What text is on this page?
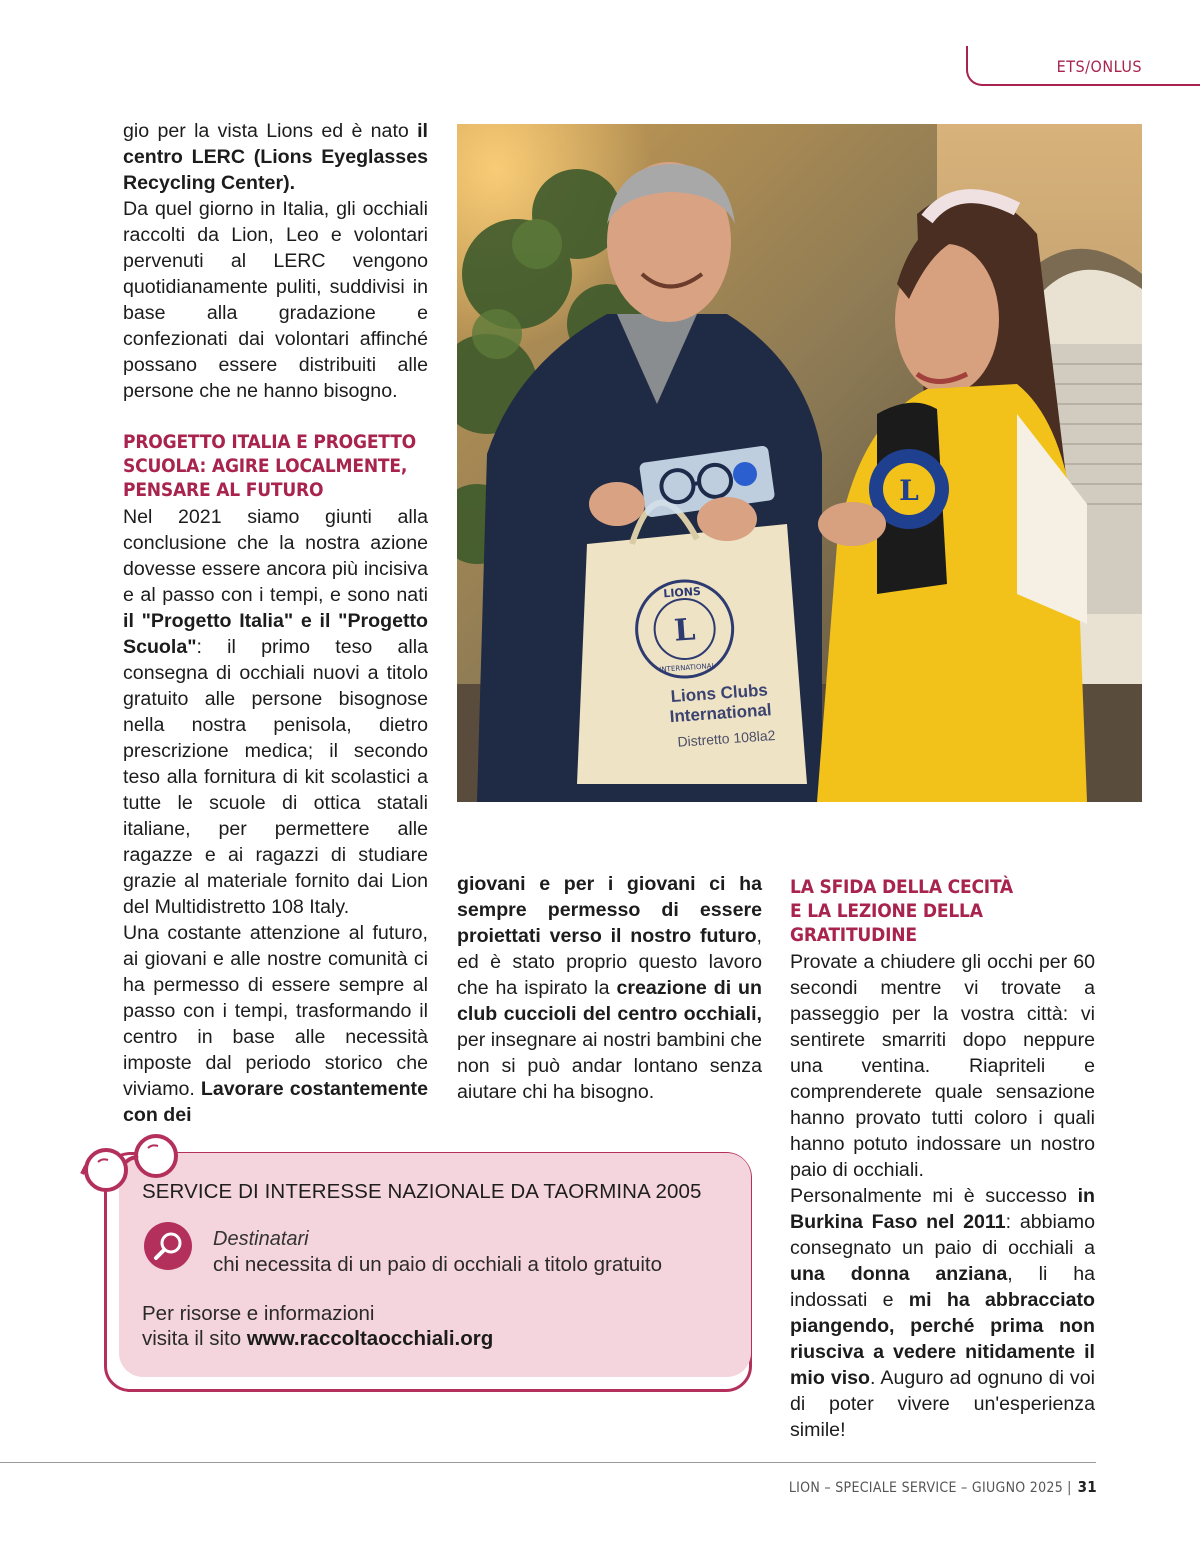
ETS/ONLUS

gio per la vista Lions ed è nato il centro LERC (Lions Eyeglasses Recycling Center).

Da quel giorno in Italia, gli occhiali raccolti da Lion, Leo e volontari pervenuti al LERC vengono quotidianamente puliti, suddivisi in base alla gradazione e confezionati dai volontari affinché possano essere distribuiti alle persone che ne hanno bisogno.

PROGETTO ITALIA E PROGETTO SCUOLA: AGIRE LOCALMENTE, PENSARE AL FUTURO

Nel 2021 siamo giunti alla conclusione che la nostra azione dovesse essere ancora più incisiva e al passo con i tempi, e sono nati il "Progetto Italia" e il "Progetto Scuola": il primo teso alla consegna di occhiali nuovi a titolo gratuito alle persone bisognose nella nostra penisola, dietro prescrizione medica; il secondo teso alla fornitura di kit scolastici a tutte le scuole di ottica statali italiane, per permettere alle ragazze e ai ragazzi di studiare grazie al materiale fornito dai Lion del Multidistretto 108 Italy.

Una costante attenzione al futuro, ai giovani e alle nostre comunità ci ha permesso di essere sempre al passo con i tempi, trasformando il centro in base alle necessità imposte dal periodo storico che viviamo. Lavorare costantemente con dei

L
LIONS
INTERNATIONAL
Lions Clubs
International
Distretto 108la2
L

giovani e per i giovani ci ha sempre permesso di essere proiettati verso il nostro futuro, ed è stato proprio questo lavoro che ha ispirato la creazione di un club cuccioli del centro occhiali, per insegnare ai nostri bambini che non si può andar lontano senza aiutare chi ha bisogno.

LA SFIDA DELLA CECITÀ
E LA LEZIONE DELLA GRATITUDINE

Provate a chiudere gli occhi per 60 secondi mentre vi trovate a passeggio per la vostra città: vi sentirete smarriti dopo neppure una ventina. Riapriteli e comprenderete quale sensazione hanno provato tutti coloro i quali hanno potuto indossare un nostro paio di occhiali.

Personalmente mi è successo in Burkina Faso nel 2011: abbiamo consegnato un paio di occhiali a una donna anziana, li ha indossati e mi ha abbracciato piangendo, perché prima non riusciva a vedere nitidamente il mio viso. Auguro ad ognuno di voi di poter vivere un'esperienza simile!

SERVICE DI INTERESSE NAZIONALE DA TAORMINA 2005
Destinatari
chi necessita di un paio di occhiali a titolo gratuito
Per risorse e informazioni
visita il sito www.raccoltaocchiali.org
LION – SPECIALE SERVICE – GIUGNO 2025 | 31
